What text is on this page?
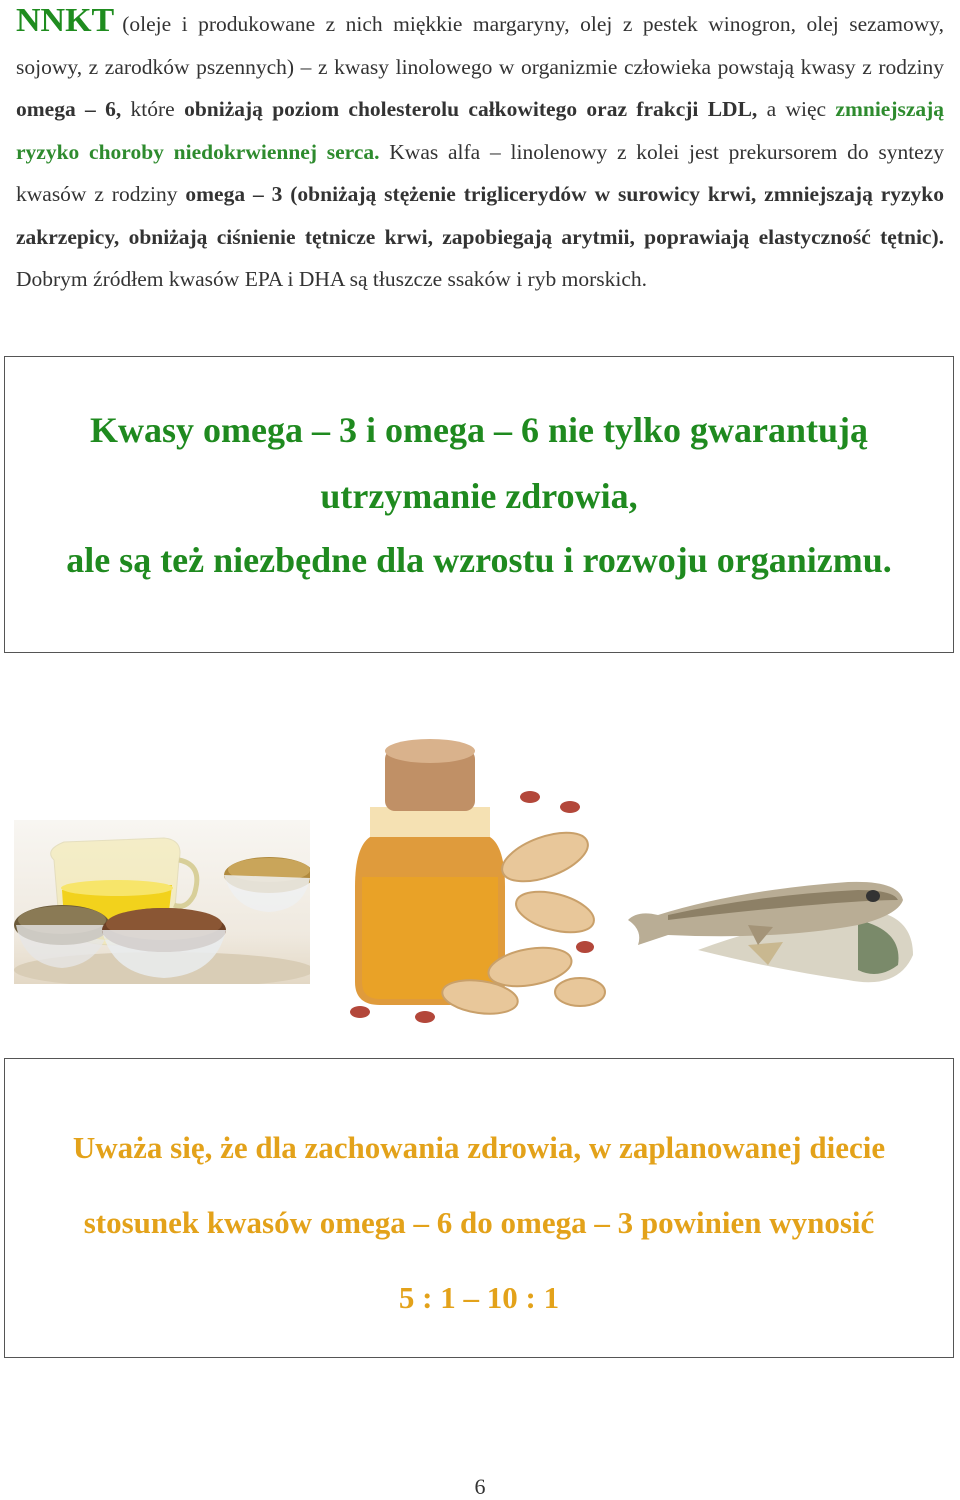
NNKT (oleje i produkowane z nich miękkie margaryny, olej z pestek winogron, olej sezamowy, sojowy, z zarodków pszennych) – z kwasy linolowego w organizmie człowieka powstają kwasy z rodziny omega – 6, które obniżają poziom cholesterolu całkowitego oraz frakcji LDL, a więc zmniejszają ryzyko choroby niedokrwiennej serca. Kwas alfa – linolenowy z kolei jest prekursorem do syntezy kwasów z rodziny omega – 3 (obniżają stężenie triglicerydów w surowicy krwi, zmniejszają ryzyko zakrzepicy, obniżają ciśnienie tętnicze krwi, zapobiegają arytmii, poprawiają elastyczność tętnic). Dobrym źródłem kwasów EPA i DHA są tłuszcze ssaków i ryb morskich.
Kwasy omega – 3 i omega – 6 nie tylko gwarantują
utrzymanie zdrowia,
ale są też niezbędne dla wzrostu i rozwoju organizmu.
Uważa się, że dla zachowania zdrowia, w zaplanowanej diecie
stosunek kwasów omega – 6 do omega – 3 powinien wynosić
5 : 1 – 10 : 1
6
